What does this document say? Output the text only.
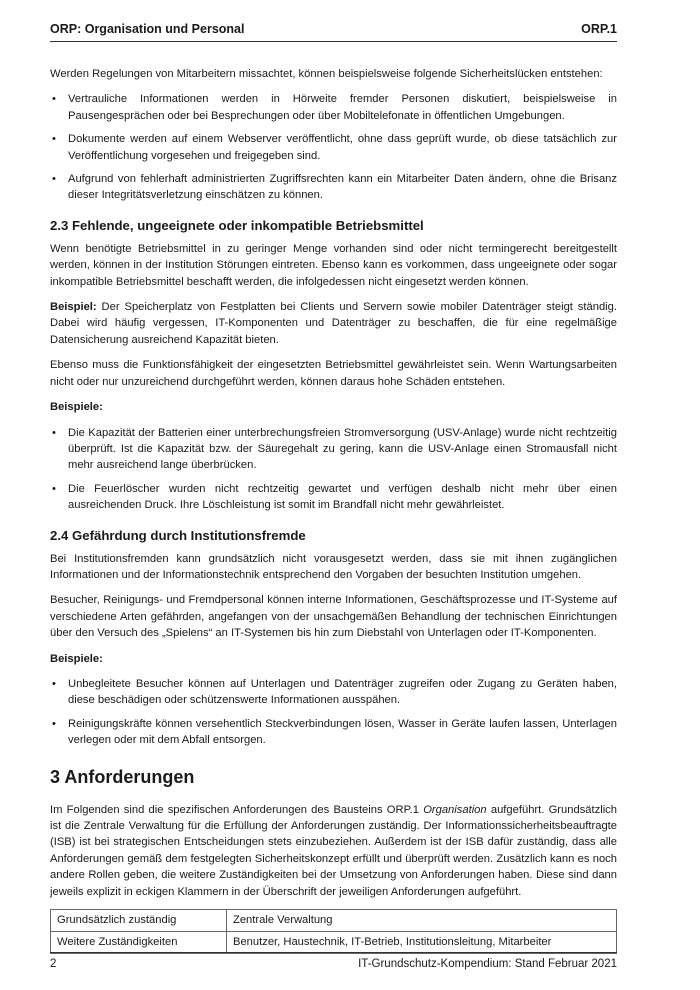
ORP: Organisation und Personal	ORP.1

Werden Regelungen von Mitarbeitern missachtet, können beispielsweise folgende Sicherheitslücken entstehen:

• Vertrauliche Informationen werden in Hörweite fremder Personen diskutiert, beispielsweise in Pausengesprächen oder bei Besprechungen oder über Mobiltelefonate in öffentlichen Umgebungen.
• Dokumente werden auf einem Webserver veröffentlicht, ohne dass geprüft wurde, ob diese tatsächlich zur Veröffentlichung vorgesehen und freigegeben sind.
• Aufgrund von fehlerhaft administrierten Zugriffsrechten kann ein Mitarbeiter Daten ändern, ohne die Brisanz dieser Integritätsverletzung einschätzen zu können.
2.3 Fehlende, ungeeignete oder inkompatible Betriebsmittel

Wenn benötigte Betriebsmittel in zu geringer Menge vorhanden sind oder nicht termingerecht bereitgestellt werden, können in der Institution Störungen eintreten. Ebenso kann es vorkommen, dass ungeeignete oder sogar inkompatible Betriebsmittel beschafft werden, die infolgedessen nicht eingesetzt werden können.

Beispiel: Der Speicherplatz von Festplatten bei Clients und Servern sowie mobiler Datenträger steigt ständig. Dabei wird häufig vergessen, IT-Komponenten und Datenträger zu beschaffen, die für eine regelmäßige Datensicherung ausreichend Kapazität bieten.

Ebenso muss die Funktionsfähigkeit der eingesetzten Betriebsmittel gewährleistet sein. Wenn Wartungsarbeiten nicht oder nur unzureichend durchgeführt werden, können daraus hohe Schäden entstehen.

Beispiele:

• Die Kapazität der Batterien einer unterbrechungsfreien Stromversorgung (USV-Anlage) wurde nicht rechtzeitig überprüft. Ist die Kapazität bzw. der Säuregehalt zu gering, kann die USV-Anlage einen Stromausfall nicht mehr ausreichend lange überbrücken.
• Die Feuerlöscher wurden nicht rechtzeitig gewartet und verfügen deshalb nicht mehr über einen ausreichenden Druck. Ihre Löschleistung ist somit im Brandfall nicht mehr gewährleistet.
2.4 Gefährdung durch Institutionsfremde

Bei Institutionsfremden kann grundsätzlich nicht vorausgesetzt werden, dass sie mit ihnen zugänglichen Informationen und der Informationstechnik entsprechend den Vorgaben der besuchten Institution umgehen.

Besucher, Reinigungs- und Fremdpersonal können interne Informationen, Geschäftsprozesse und IT-Systeme auf verschiedene Arten gefährden, angefangen von der unsachgemäßen Behandlung der technischen Einrichtungen über den Versuch des „Spielens“ an IT-Systemen bis hin zum Diebstahl von Unterlagen oder IT-Komponenten.

Beispiele:

• Unbegleitete Besucher können auf Unterlagen und Datenträger zugreifen oder Zugang zu Geräten haben, diese beschädigen oder schützenswerte Informationen ausspähen.
• Reinigungskräfte können versehentlich Steckverbindungen lösen, Wasser in Geräte laufen lassen, Unterlagen verlegen oder mit dem Abfall entsorgen.
3 Anforderungen

Im Folgenden sind die spezifischen Anforderungen des Bausteins ORP.1 Organisation aufgeführt. Grundsätzlich ist die Zentrale Verwaltung für die Erfüllung der Anforderungen zuständig. Der Informationssicherheitsbeauftragte (ISB) ist bei strategischen Entscheidungen stets einzubeziehen. Außerdem ist der ISB dafür zuständig, dass alle Anforderungen gemäß dem festgelegten Sicherheitskonzept erfüllt und überprüft werden. Zusätzlich kann es noch andere Rollen geben, die weitere Zuständigkeiten bei der Umsetzung von Anforderungen haben. Diese sind dann jeweils explizit in eckigen Klammern in der Überschrift der jeweiligen Anforderungen aufgeführt.

Grundsätzlich zuständig	Zentrale Verwaltung
Weitere Zuständigkeiten	Benutzer, Haustechnik, IT-Betrieb, Institutionsleitung, Mitarbeiter
2	IT-Grundschutz-Kompendium: Stand Februar 2021
